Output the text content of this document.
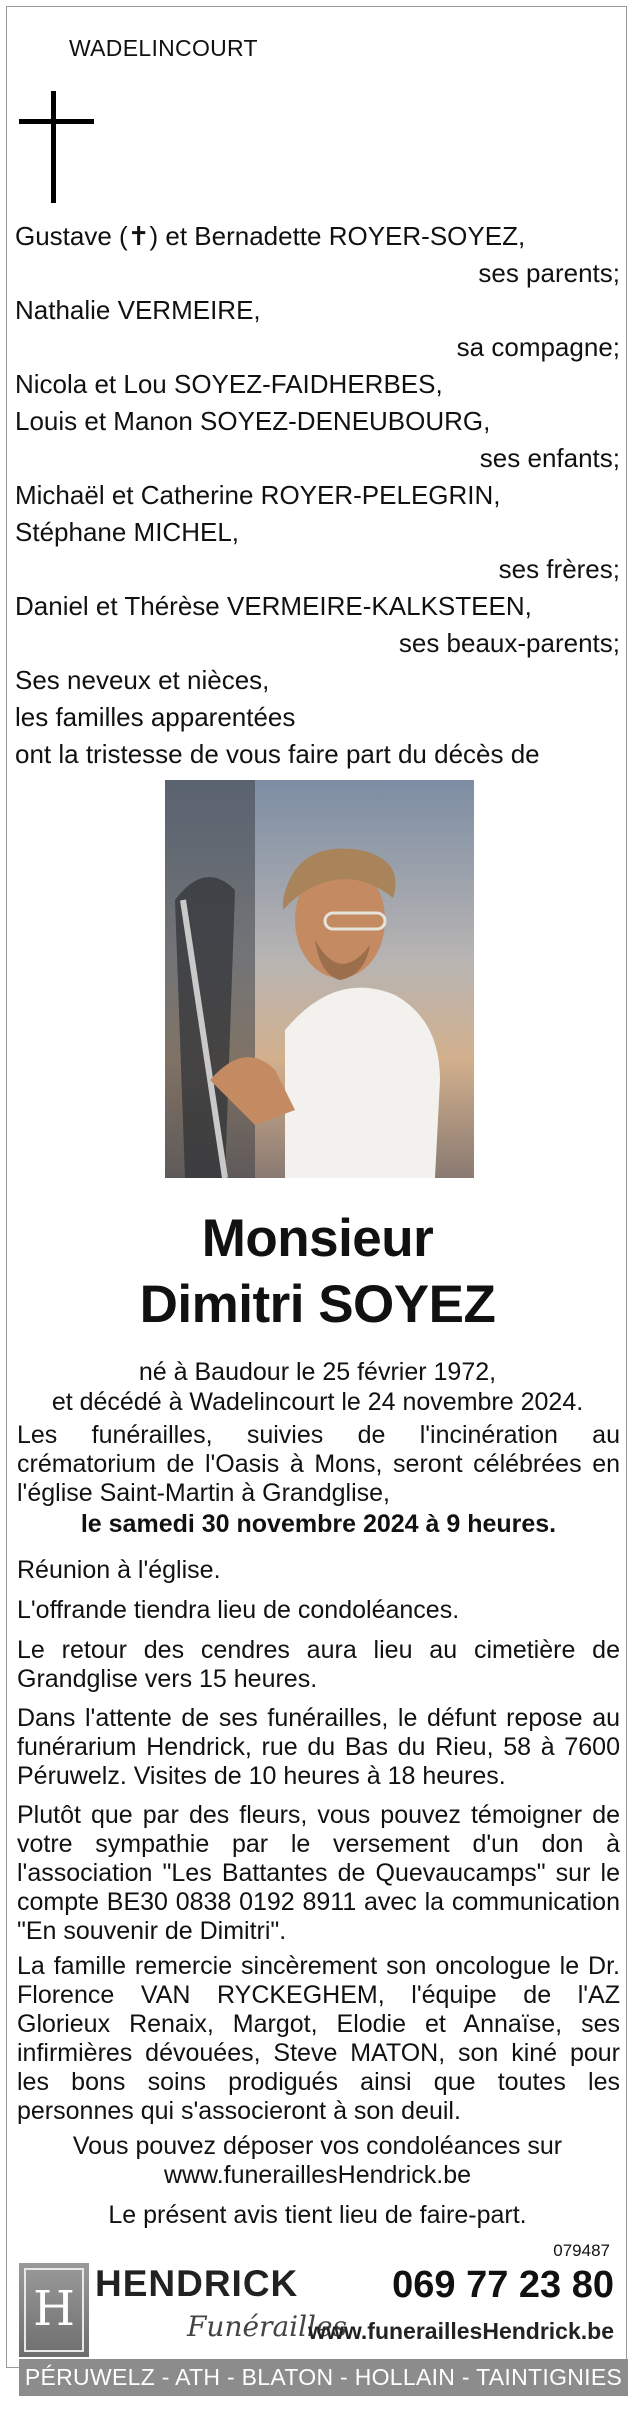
WADELINCOURT
Gustave (✝) et Bernadette ROYER-SOYEZ,
ses parents;
Nathalie VERMEIRE,
sa compagne;
Nicola et Lou SOYEZ-FAIDHERBES,
Louis et Manon SOYEZ-DENEUBOURG,
ses enfants;
Michaël et Catherine ROYER-PELEGRIN,
Stéphane MICHEL,
ses frères;
Daniel et Thérèse VERMEIRE-KALKSTEEN,
ses beaux-parents;
Ses neveux et nièces,
les familles apparentées
ont la tristesse de vous faire part du décès de
Monsieur
Dimitri SOYEZ
né à Baudour le 25 février 1972,
et décédé à Wadelincourt le 24 novembre 2024.
Les funérailles, suivies de l'incinération au crématorium de l'Oasis à Mons, seront célébrées en l'église Saint-Martin à Grandglise,
le samedi 30 novembre 2024 à 9 heures.
Réunion à l'église.
L'offrande tiendra lieu de condoléances.
Le retour des cendres aura lieu au cimetière de Grandglise vers 15 heures.
Dans l'attente de ses funérailles, le défunt repose au funérarium Hendrick, rue du Bas du Rieu, 58 à 7600 Péruwelz. Visites de 10 heures à 18 heures.
Plutôt que par des fleurs, vous pouvez témoigner de votre sympathie par le versement d'un don à l'association "Les Battantes de Quevaucamps" sur le compte BE30 0838 0192 8911 avec la communication "En souvenir de Dimitri".
La famille remercie sincèrement son oncologue le Dr. Florence VAN RYCKEGHEM, l'équipe de l'AZ Glorieux Renaix, Margot, Elodie et Annaïse, ses infirmières dévouées, Steve MATON, son kiné pour les bons soins prodigués ainsi que toutes les personnes qui s'associeront à son deuil.
Vous pouvez déposer vos condoléances sur
www.funeraillesHendrick.be
Le présent avis tient lieu de faire-part.
079487
H HENDRICK
Funérailles
069 77 23 80
www.funeraillesHendrick.be
PÉRUWELZ - ATH - BLATON - HOLLAIN - TAINTIGNIES
